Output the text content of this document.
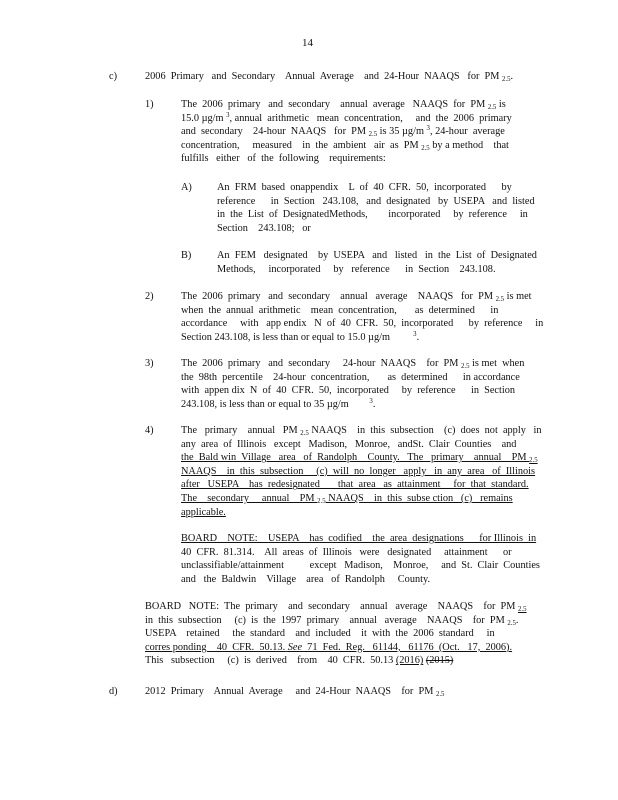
14
c)	2006  Primary   and  Secondary    Annual  Average    and  24-Hour  NAAQS   for  PM 2.5.
1)	The  2006  primary   and  secondary    annual  average   NAAQS  for  PM 2.5 is
15.0 µg/m $^3$, annual  arithmetic   mean  concentration,     and  the  2006  primary
and  secondary    24-hour  NAAQS   for  PM 2.5 is 35 µg/m $^3$, 24-hour  average
concentration,     measured    in  the  ambient   air  as  PM 2.5 by a method    that
fulfills   either   of  the  following    requirements:
A) An  FRM  based  onappendix    L  of  40  CFR.  50,  incorporated      by
reference      in  Section   243.108,   and  designated   by  USEPA   and  listed
in  the  List  of  DesignatedMethods,        incorporated     by  reference     in
Section    243.108;   or
B) An  FEM   designated    by  USEPA   and   listed   in  the  List  of  Designated
Methods,     incorporated     by   reference      in  Section    243.108.
2)	The  2006  primary   and  secondary    annual   average    NAAQS   for  PM 2.5 is met
when  the  annual  arithmetic    mean  concentration,       as  determined      in
accordance     with   app endix   N  of  40  CFR.  50,  incorporated      by  reference     in
Section 243.108, is less than or equal to 15.0 µg/m	$^3$.
3)	The  2006  primary   and  secondary     24-hour  NAAQS    for  PM 2.5 is met  when
the  98th  percentile    24-hour  concentration,       as  determined      in accordance
with  appen dix  N  of  40  CFR.  50,  incorporated     by  reference      in  Section
243.108, is less than or equal to 35 µg/m	$^3$.
4)	The   primary    annual   PM 2.5 NAAQS    in  this  subsection    (c)  does  not  apply   in
any  area  of  Illinois   except   Madison,   Monroe,   andSt.  Clair  Counties    and
the  Bald win  Village   area   of  Randolph    County.   The   primary    annual    PM 2.5
NAAQS    in  this  subsection     (c)  will  no  longer   apply   in  any  area   of  Illinois
after   USEPA    has  redesignated       that  area   as  attainment     for  that  standard.
The    secondary     annual    PM 2.5 NAAQS    in  this  subse ction   (c)   remains
applicable.
BOARD    NOTE:    USEPA    has  codified    the  area  designations      for Illinois  in
40  CFR.  81.314.    All  areas  of  Illinois   were   designated     attainment      or
unclassifiable/attainment          except   Madison,    Monroe,     and  St.  Clair  Counties
and   the  Baldwin    Village    area   of  Randolph     County.
BOARD   NOTE:  The  primary    and  secondary    annual   average    NAAQS    for  PM 2.5
in  this  subsection     (c)  is  the  1997  primary    annual   average    NAAQS    for  PM 2.5.
USEPA    retained     the  standard    and  included    it  with  the  2006  standard     in
corres ponding    40  CFR.  50.13. See  71  Fed.  Reg.   61144,   61176  (Oct.   17,  2006).
This   subsection     (c)  is  derived    from    40  CFR.  50.13 (2016) (2015)
d)	2012  Primary    Annual  Average     and  24-Hour  NAAQS    for  PM 2.5
